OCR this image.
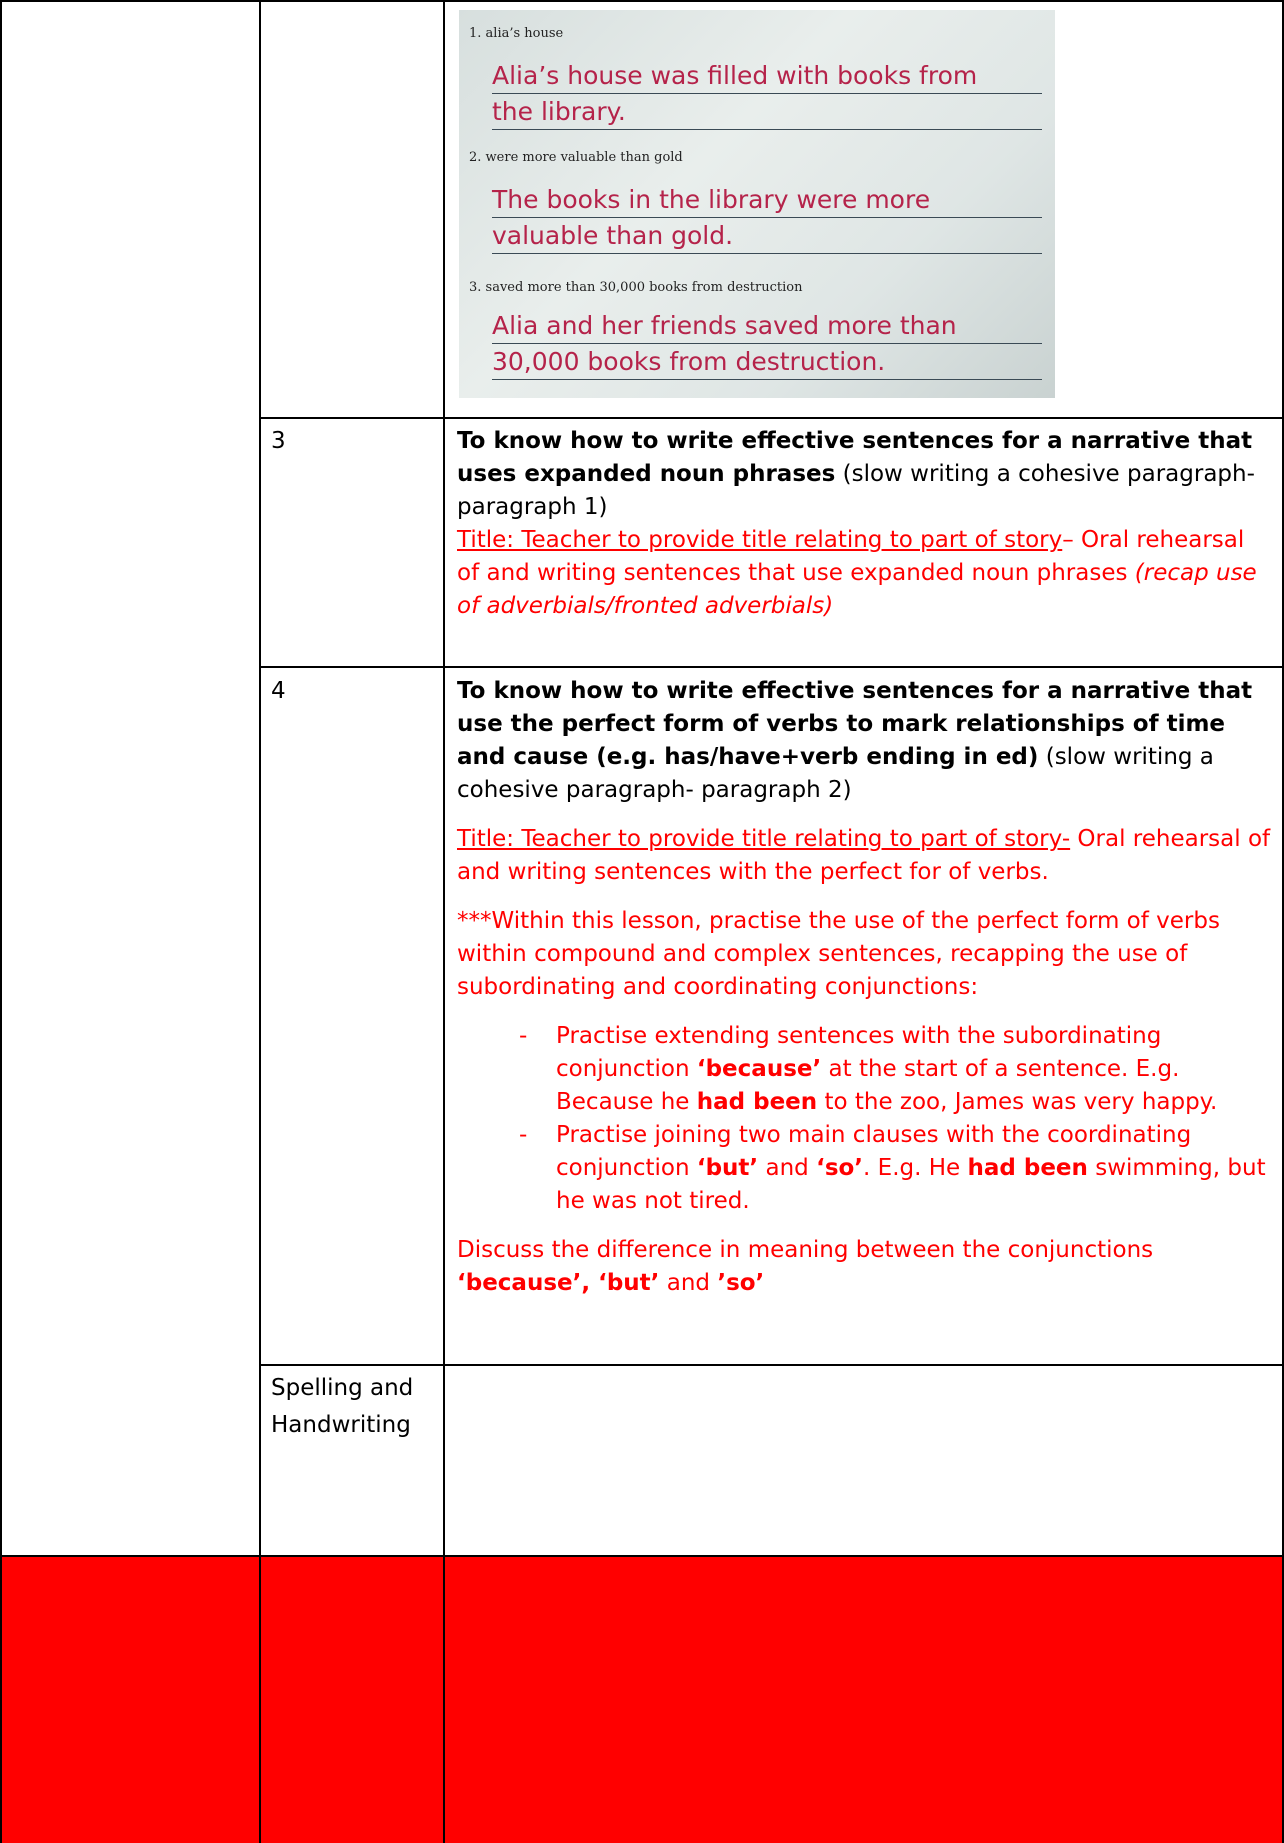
1. alia’s house
Alia’s house was filled with books from the library.
2. were more valuable than gold
The books in the library were more valuable than gold.
3. saved more than 30,000 books from destruction
Alia and her friends saved more than 30,000 books from destruction.
3	To know how to write effective sentences for a narrative that uses expanded noun phrases (slow writing a cohesive paragraph- paragraph 1)

Title: Teacher to provide title relating to part of story– Oral rehearsal of and writing sentences that use expanded noun phrases (recap use of adverbials/fronted adverbials)

4	To know how to write effective sentences for a narrative that use the perfect form of verbs to mark relationships of time and cause (e.g. has/have+verb ending in ed) (slow writing a cohesive paragraph- paragraph 2)

Title: Teacher to provide title relating to part of story- Oral rehearsal of and writing sentences with the perfect for of verbs.

***Within this lesson, practise the use of the perfect form of verbs within compound and complex sentences, recapping the use of subordinating and coordinating conjunctions:

- Practise extending sentences with the subordinating conjunction ‘because’ at the start of a sentence. E.g. Because he had been to the zoo, James was very happy.
- Practise joining two main clauses with the coordinating conjunction ‘but’ and ‘so’. E.g. He had been swimming, but he was not tired.

Discuss the difference in meaning between the conjunctions ‘because’, ‘but’ and ’so’

Spelling and Handwriting
